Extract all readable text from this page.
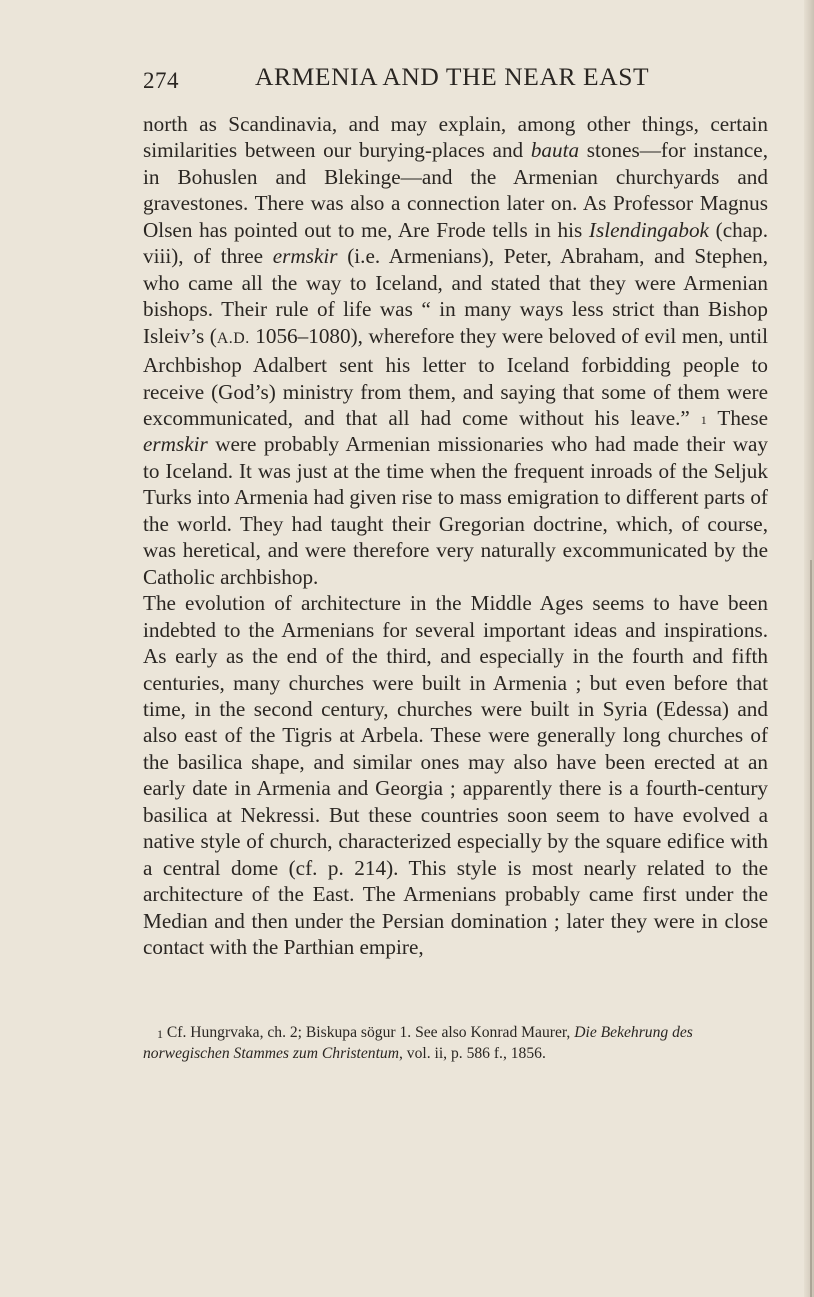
274	ARMENIA AND THE NEAR EAST

north as Scandinavia, and may explain, among other things, certain similarities between our burying-places and bauta stones—for instance, in Bohuslen and Blekinge—and the Armenian churchyards and gravestones. There was also a connection later on. As Professor Magnus Olsen has pointed out to me, Are Frode tells in his Islendingabok (chap. viii), of three ermskir (i.e. Armenians), Peter, Abraham, and Stephen, who came all the way to Iceland, and stated that they were Armenian bishops. Their rule of life was “ in many ways less strict than Bishop Isleiv’s (A.D. 1056–1080), wherefore they were beloved of evil men, until Archbishop Adalbert sent his letter to Iceland forbidding people to receive (God’s) ministry from them, and saying that some of them were excommunicated, and that all had come without his leave.” $^1$ These ermskir were probably Armenian missionaries who had made their way to Iceland. It was just at the time when the frequent inroads of the Seljuk Turks into Armenia had given rise to mass emigration to different parts of the world. They had taught their Gregorian doctrine, which, of course, was heretical, and were therefore very naturally excommunicated by the Catholic archbishop.

The evolution of architecture in the Middle Ages seems to have been indebted to the Armenians for several important ideas and inspirations. As early as the end of the third, and especially in the fourth and fifth centuries, many churches were built in Armenia ; but even before that time, in the second century, churches were built in Syria (Edessa) and also east of the Tigris at Arbela. These were generally long churches of the basilica shape, and similar ones may also have been erected at an early date in Armenia and Georgia ; apparently there is a fourth-century basilica at Nekressi. But these countries soon seem to have evolved a native style of church, characterized especially by the square edifice with a central dome (cf. p. 214). This style is most nearly related to the architecture of the East. The Armenians probably came first under the Median and then under the Persian domination ; later they were in close contact with the Parthian empire,

$^1$ Cf. Hungrvaka, ch. 2; Biskupa sögur 1. See also Konrad Maurer, Die Bekehrung des norwegischen Stammes zum Christentum, vol. ii, p. 586 f., 1856.
